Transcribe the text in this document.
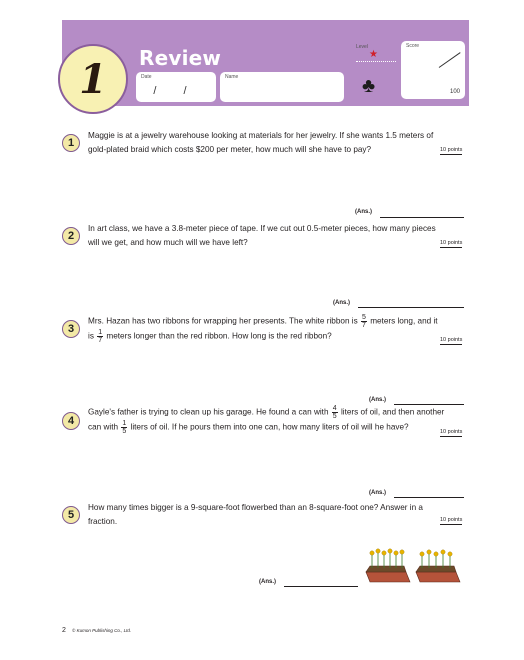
1 Review
Date
/ /
Name
Level
★
♣
Score
100
1
Maggie is at a jewelry warehouse looking at materials for her jewelry. If she wants 1.5 meters of
gold-plated braid which costs $200 per meter, how much will she have to pay?	10 points
(Ans.)
2
In art class, we have a 3.8-meter piece of tape. If we cut out 0.5-meter pieces, how many pieces
will we get, and how much will we have left?	10 points
(Ans.)
3
Mrs. Hazan has two ribbons for wrapping her presents. The white ribbon is $\frac{5}{7}$ meters long, and it
is $\frac{1}{7}$ meters longer than the red ribbon. How long is the red ribbon?	10 points
(Ans.)
4
Gayle's father is trying to clean up his garage. He found a can with $\frac{4}{5}$ liters of oil, and then another
can with $\frac{1}{5}$ liters of oil. If he pours them into one can, how many liters of oil will he have?
10 points
(Ans.)
5
How many times bigger is a 9-square-foot flowerbed than an 8-square-foot one? Answer in a
fraction.	10 points
(Ans.)
2 © Kumon Publishing Co., Ltd.
